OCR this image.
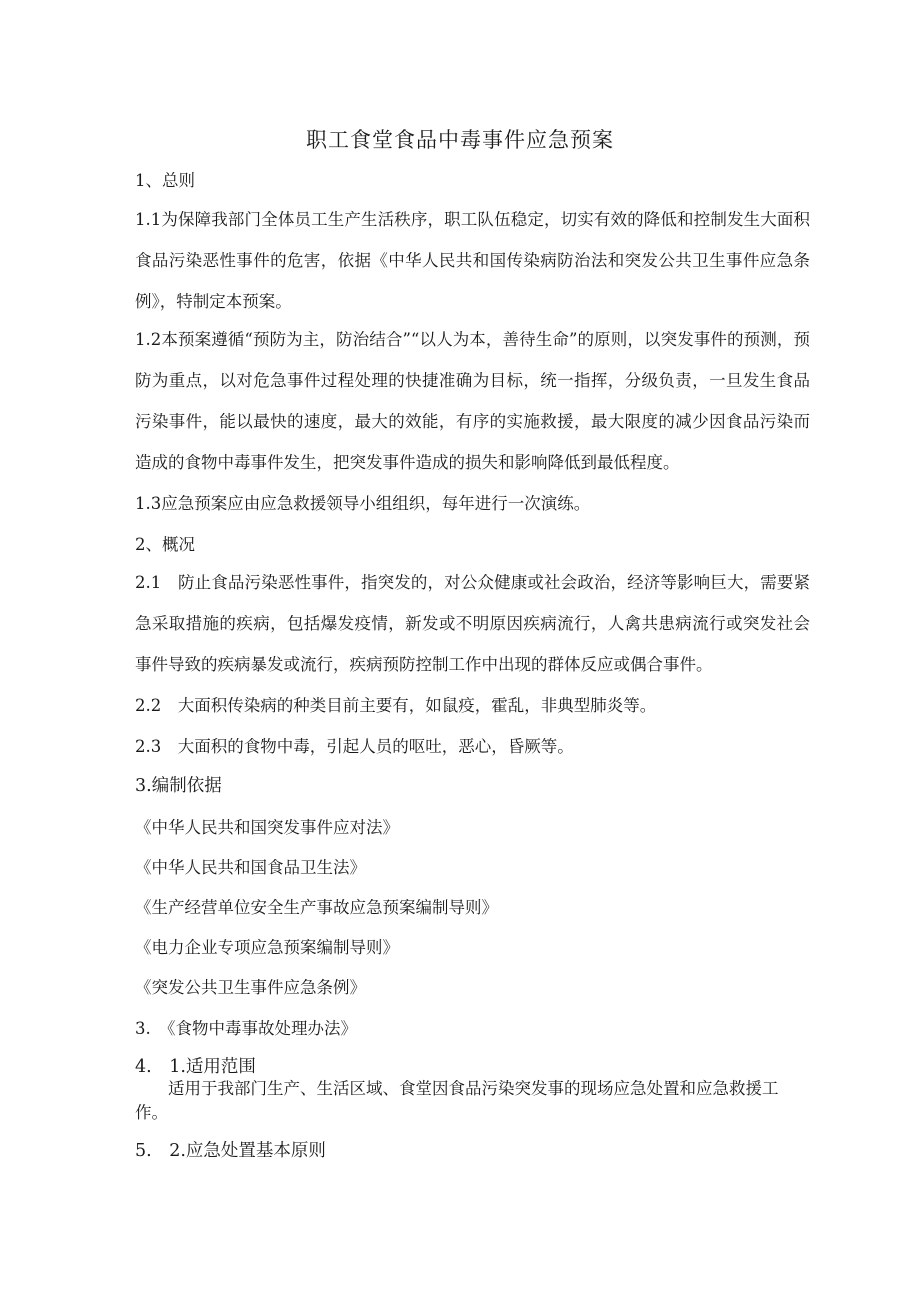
职工食堂食品中毒事件应急预案
1、总则
1.1为保障我部门全体员工生产生活秩序，职工队伍稳定，切实有效的降低和控制发生大面积食品污染恶性事件的危害，依据《中华人民共和国传染病防治法和突发公共卫生事件应急条例》，特制定本预案。
1.2本预案遵循“预防为主，防治结合”“以人为本，善待生命”的原则，以突发事件的预测，预防为重点，以对危急事件过程处理的快捷准确为目标，统一指挥，分级负责，一旦发生食品污染事件，能以最快的速度，最大的效能，有序的实施救援，最大限度的减少因食品污染而造成的食物中毒事件发生，把突发事件造成的损失和影响降低到最低程度。
1.3应急预案应由应急救援领导小组组织，每年进行一次演练。
2、概况
2.1　防止食品污染恶性事件，指突发的，对公众健康或社会政治，经济等影响巨大，需要紧急采取措施的疾病，包括爆发疫情，新发或不明原因疾病流行，人禽共患病流行或突发社会事件导致的疾病暴发或流行，疾病预防控制工作中出现的群体反应或偶合事件。
2.2　大面积传染病的种类目前主要有，如鼠疫，霍乱，非典型肺炎等。
2.3　大面积的食物中毒，引起人员的呕吐，恶心，昏厥等。
3.编制依据
《中华人民共和国突发事件应对法》
《中华人民共和国食品卫生法》
《生产经营单位安全生产事故应急预案编制导则》
《电力企业专项应急预案编制导则》
《突发公共卫生事件应急条例》
3.　《食物中毒事故处理办法》
4.　1.适用范围
　　适用于我部门生产、生活区域、食堂因食品污染突发事的现场应急处置和应急救援工作。
5.　2.应急处置基本原则
